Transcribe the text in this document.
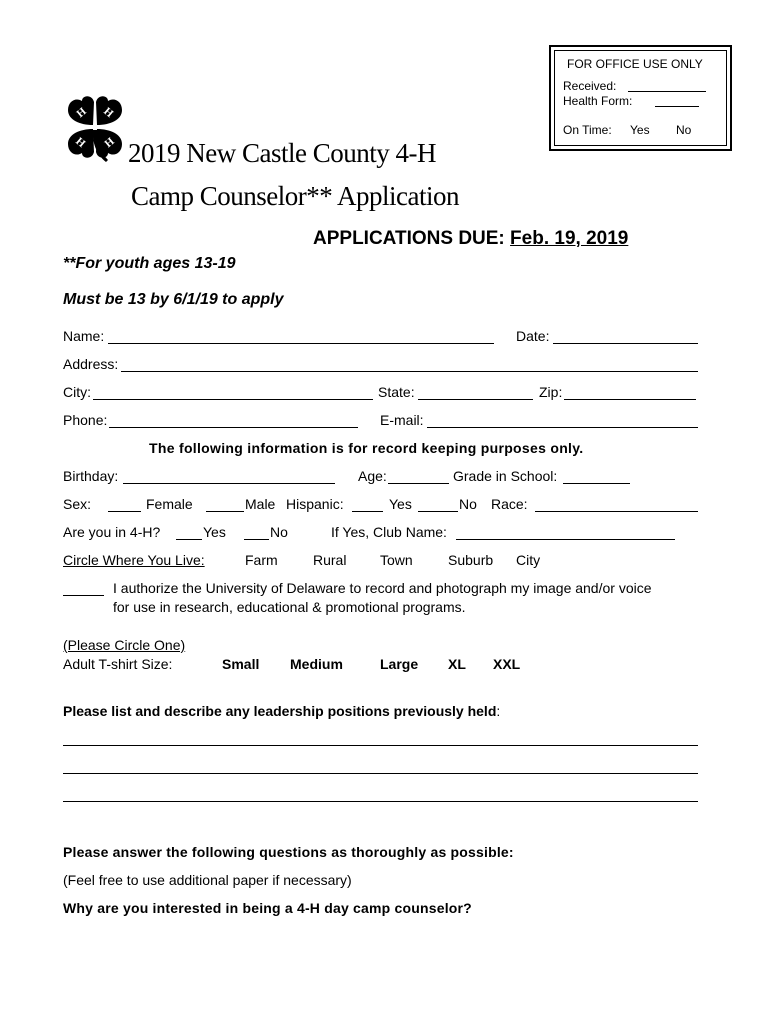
FOR OFFICE USE ONLY
Received:
Health Form:
On Time: Yes No
H H
H H 2019 New Castle County 4-H
Camp Counselor** Application
APPLICATIONS DUE: Feb. 19, 2019
**For youth ages 13-19
Must be 13 by 6/1/19 to apply
Name:	Date:
Address:
City:	State:	Zip:
Phone:	E-mail:
The following information is for record keeping purposes only.
Birthday:	Age:	Grade in School:
Sex:	Female	Male Hispanic:	Yes	No Race:
Are you in 4-H?	Yes	No	If Yes, Club Name:
Circle Where You Live:	Farm	Rural Town	Suburb City
I authorize the University of Delaware to record and photograph my image and/or voice
for use in research, educational & promotional programs.
(Please Circle One)
Adult T-shirt Size:	Small Medium	Large XL XXL
Please list and describe any leadership positions previously held:
Please answer the following questions as thoroughly as possible:
(Feel free to use additional paper if necessary)
Why are you interested in being a 4-H day camp counselor?
